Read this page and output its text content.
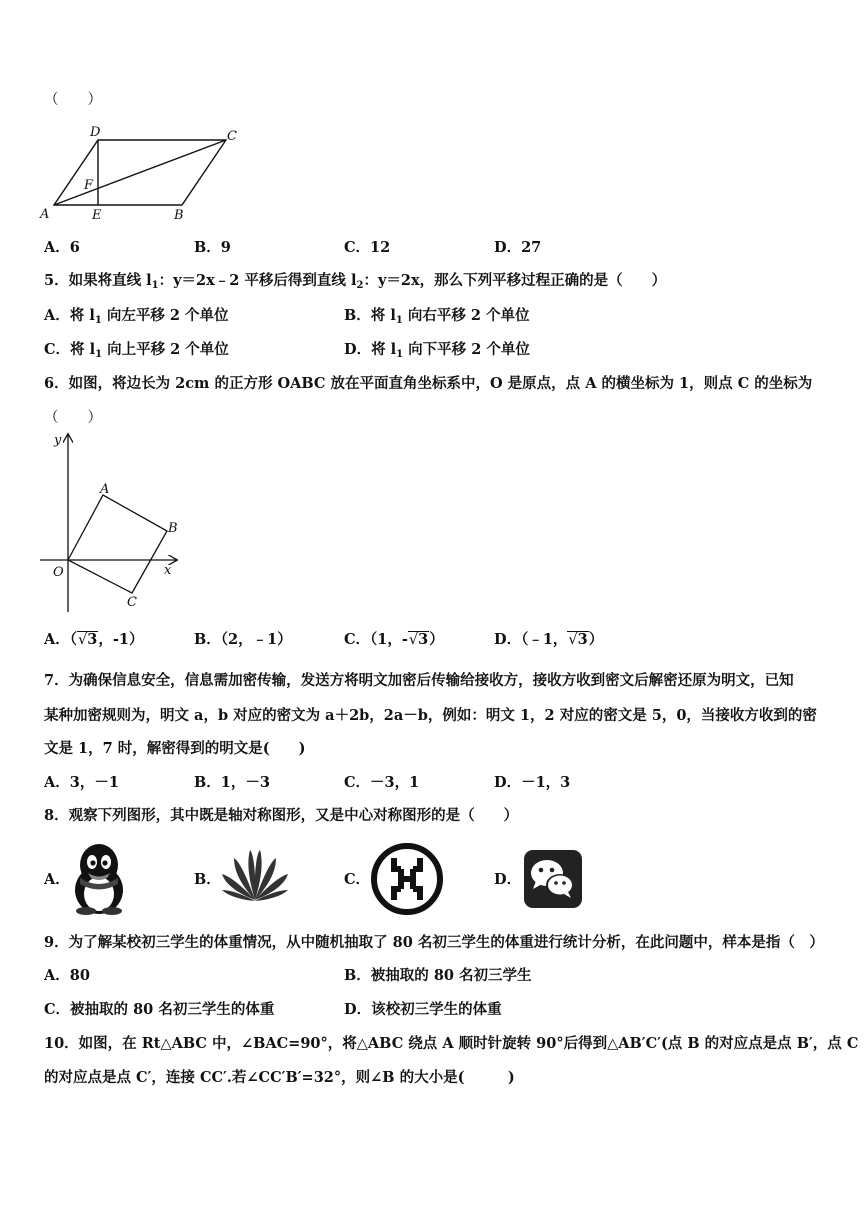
（　　）
D	C
F
A	E	B
A．6	B．9	C．12	D．27
5．如果将直线 $l_1$：y＝2x﹣2 平移后得到直线 $l_2$：y＝2x，那么下列平移过程正确的是（　　）
A．将 $l_1$ 向左平移 2 个单位	B．将 $l_1$ 向右平移 2 个单位
C．将 $l_1$ 向上平移 2 个单位	D．将 $l_1$ 向下平移 2 个单位
6．如图，将边长为 2cm 的正方形 OABC 放在平面直角坐标系中，O 是原点，点 A 的横坐标为 1，则点 C 的坐标为
（　　）
y
x
O
A
B
C
A．（√3，-1）	B．（2，﹣1）	C．（1，-√3）	D．（﹣1，√3）
7．为确保信息安全，信息需加密传输，发送方将明文加密后传输给接收方，接收方收到密文后解密还原为明文，已知
某种加密规则为，明文 a，b 对应的密文为 a＋2b，2a－b，例如：明文 1，2 对应的密文是 5，0，当接收方收到的密
文是 1，7 时，解密得到的明文是(　　)
A．3，－1	B．1，－3	C．－3，1	D．－1，3
8．观察下列图形，其中既是轴对称图形，又是中心对称图形的是（　　）
A．	B．	C．	D．
9．为了解某校初三学生的体重情况，从中随机抽取了 80 名初三学生的体重进行统计分析，在此问题中，样本是指（　）
A．80	B．被抽取的 80 名初三学生
C．被抽取的 80 名初三学生的体重	D．该校初三学生的体重
10．如图，在 Rt△ABC 中，∠BAC=90°，将△ABC 绕点 A 顺时针旋转 90°后得到△AB′C′(点 B 的对应点是点 B′，点 C
的对应点是点 C′，连接 CC′.若∠CC′B′=32°，则∠B 的大小是(　　　)
